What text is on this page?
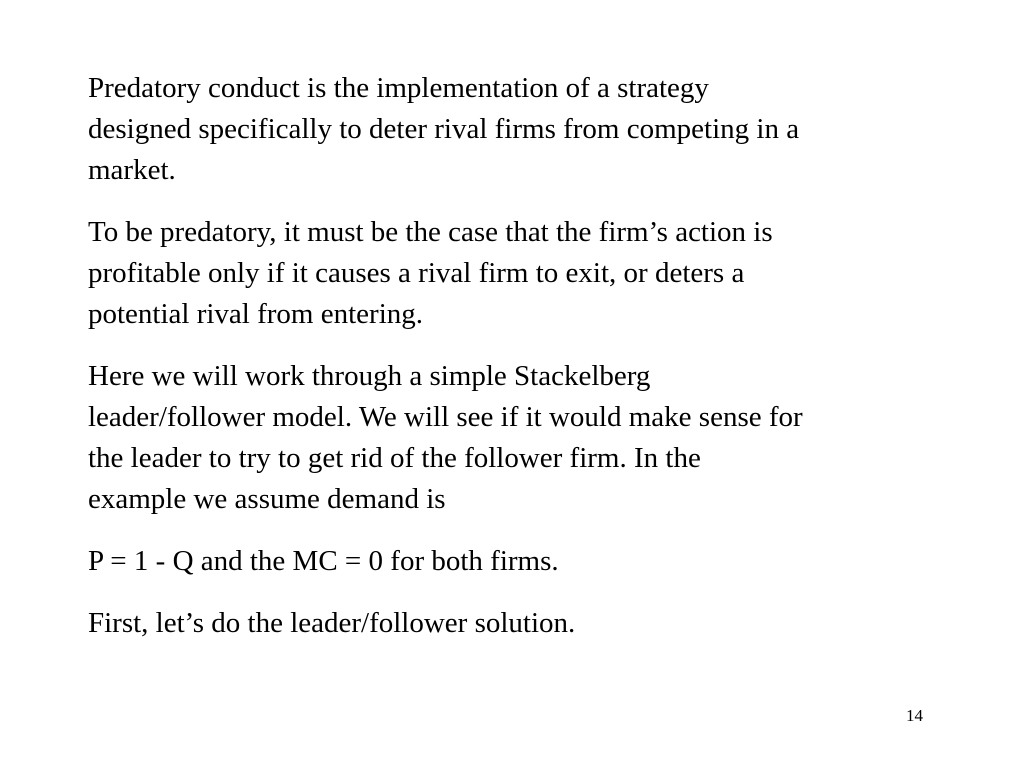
Predatory conduct is the implementation of a strategy
designed specifically to deter rival firms from competing in a
market.

To be predatory, it must be the case that the firm’s action is
profitable only if it causes a rival firm to exit, or deters a
potential rival from entering.

Here we will work through a simple Stackelberg
leader/follower model. We will see if it would make sense for
the leader to try to get rid of the follower firm. In the
example we assume demand is

P = 1 - Q and the MC = 0 for both firms.

First, let’s do the leader/follower solution.

14
